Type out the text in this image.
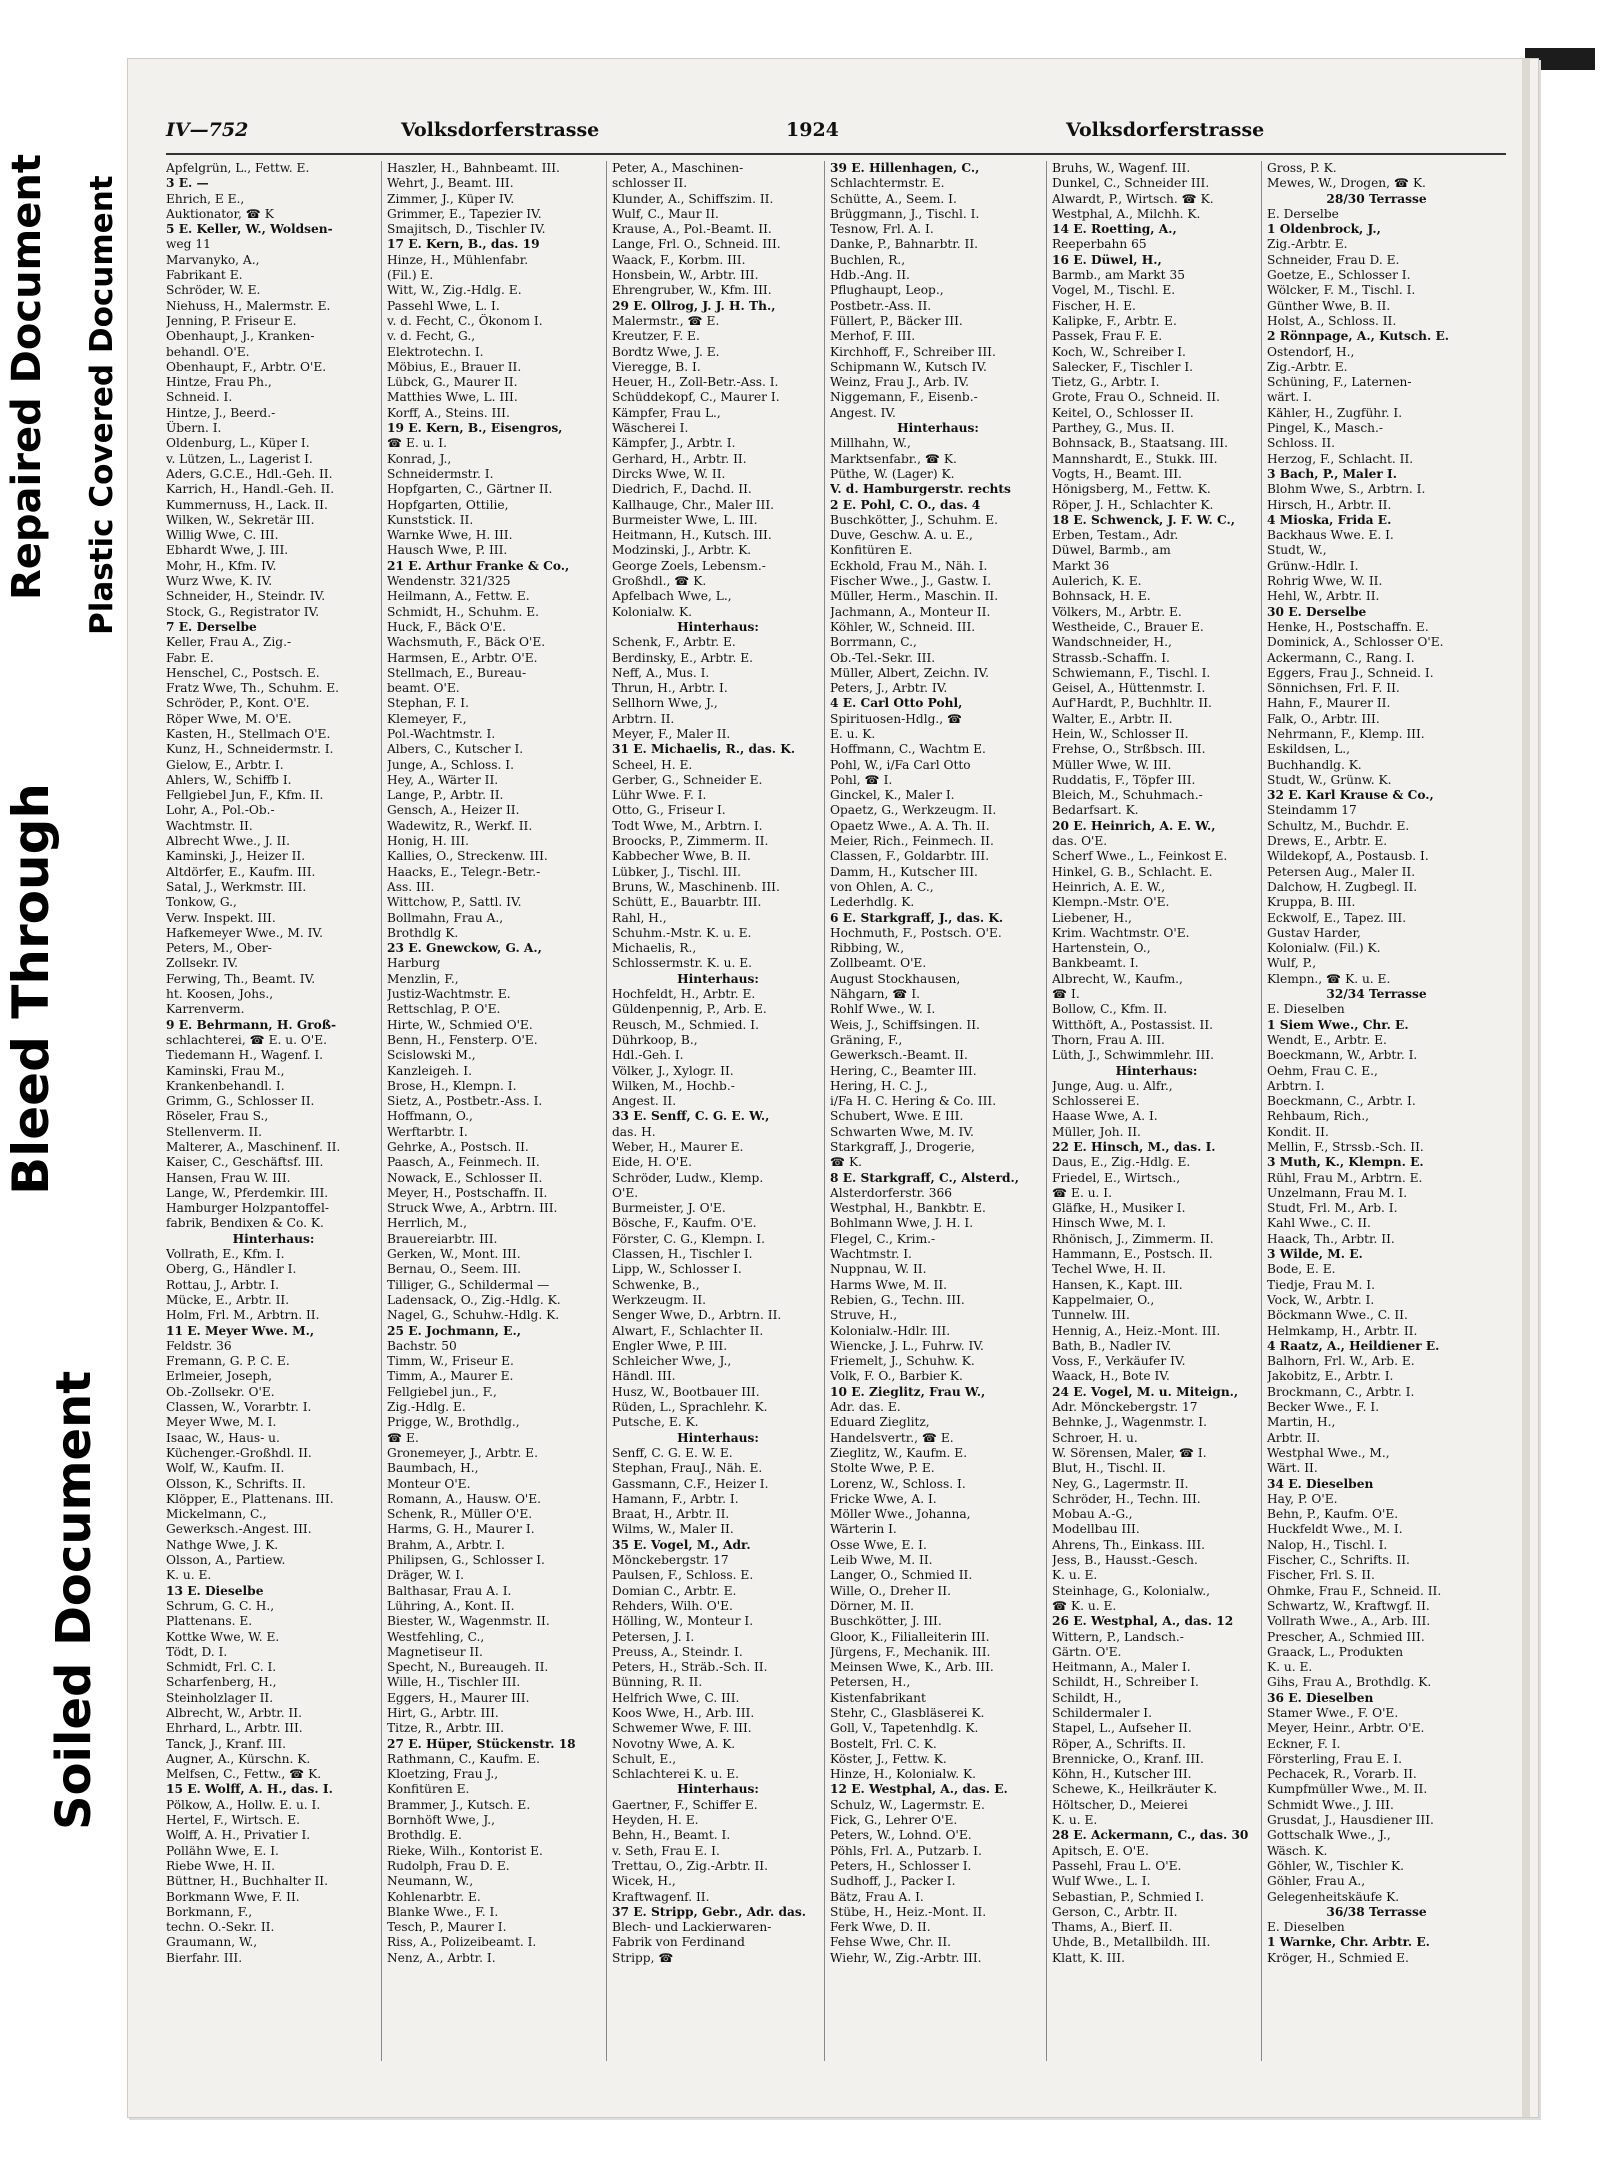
Repaired Document Plastic Covered Document
Bleed Through
Soiled Document
IV—752	Volksdorferstrasse	1924	Volksdorferstrasse
Apfelgrün, L., Fettw. E.
3 E. —
Ehrich, E E.,
Auktionator, ☎ K
5 E. Keller, W., Woldsen-
weg 11
Marvanyko, A.,
Fabrikant E.
Schröder, W. E.
Niehuss, H., Malermstr. E.
Jenning, P. Friseur E.
Obenhaupt, J., Kranken-
behandl. O'E.
Obenhaupt, F., Arbtr. O'E.
Hintze, Frau Ph.,
Schneid. I.
Hintze, J., Beerd.-
Übern. I.
Oldenburg, L., Küper I.
v. Lützen, L., Lagerist I.
Aders, G.C.E., Hdl.-Geh. II.
Karrich, H., Handl.-Geh. II.
Kummernuss, H., Lack. II.
Wilken, W., Sekretär III.
Willig Wwe, C. III.
Ebhardt Wwe, J. III.
Mohr, H., Kfm. IV.
Wurz Wwe, K. IV.
Schneider, H., Steindr. IV.
Stock, G., Registrator IV.
7 E. Derselbe
Keller, Frau A., Zig.-
Fabr. E.
Henschel, C., Postsch. E.
Fratz Wwe, Th., Schuhm. E.
Schröder, P., Kont. O'E.
Röper Wwe, M. O'E.
Kasten, H., Stellmach O'E.
Kunz, H., Schneidermstr. I.
Gielow, E., Arbtr. I.
Ahlers, W., Schiffb I.
Fellgiebel Jun, F., Kfm. II.
Lohr, A., Pol.-Ob.-
Wachtmstr. II.
Albrecht Wwe., J. II.
Kaminski, J., Heizer II.
Altdörfer, E., Kaufm. III.
Satal, J., Werkmstr. III.
Tonkow, G.,
Verw. Inspekt. III.
Hafkemeyer Wwe., M. IV.
Peters, M., Ober-
Zollsekr. IV.
Ferwing, Th., Beamt. IV.
ht. Koosen, Johs.,
Karrenverm.
9 E. Behrmann, H. Groß-
schlachterei, ☎ E. u. O'E.
Tiedemann H., Wagenf. I.
Kaminski, Frau M.,
Krankenbehandl. I.
Grimm, G., Schlosser II.
Röseler, Frau S.,
Stellenverm. II.
Malterer, A., Maschinenf. II.
Kaiser, C., Geschäftsf. III.
Hansen, Frau W. III.
Lange, W., Pferdemkir. III.
Hamburger Holzpantoffel-
fabrik, Bendixen & Co. K.
Hinterhaus:
Vollrath, E., Kfm. I.
Oberg, G., Händler I.
Rottau, J., Arbtr. I.
Mücke, E., Arbtr. II.
Holm, Frl. M., Arbtrn. II.
11 E. Meyer Wwe. M.,
Feldstr. 36
Fremann, G. P. C. E.
Erlmeier, Joseph,
Ob.-Zollsekr. O'E.
Classen, W., Vorarbtr. I.
Meyer Wwe, M. I.
Isaac, W., Haus- u.
Küchenger.-Großhdl. II.
Wolf, W., Kaufm. II.
Olsson, K., Schrifts. II.
Klöpper, E., Plattenans. III.
Mickelmann, C.,
Gewerksch.-Angest. III.
Nathge Wwe, J. K.
Olsson, A., Partiew.
K. u. E.
13 E. Dieselbe
Schrum, G. C. H.,
Plattenans. E.
Kottke Wwe, W. E.
Tödt, D. I.
Schmidt, Frl. C. I.
Scharfenberg, H.,
Steinholzlager II.
Albrecht, W., Arbtr. II.
Ehrhard, L., Arbtr. III.
Tanck, J., Kranf. III.
Augner, A., Kürschn. K.
Melfsen, C., Fettw., ☎ K.
15 E. Wolff, A. H., das. I.
Pölkow, A., Hollw. E. u. I.
Hertel, F., Wirtsch. E.
Wolff, A. H., Privatier I.
Pollähn Wwe, E. I.
Riebe Wwe, H. II.
Büttner, H., Buchhalter II.
Borkmann Wwe, F. II.
Borkmann, F.,
techn. O.-Sekr. II.
Graumann, W.,
Bierfahr. III.
Haszler, H., Bahnbeamt. III.
Wehrt, J., Beamt. III.
Zimmer, J., Küper IV.
Grimmer, E., Tapezier IV.
Smajitsch, D., Tischler IV.
17 E. Kern, B., das. 19
Hinze, H., Mühlenfabr.
(Fil.) E.
Witt, W., Zig.-Hdlg. E.
Passehl Wwe, L. I.
v. d. Fecht, C., Ökonom I.
v. d. Fecht, G.,
Elektrotechn. I.
Möbius, E., Brauer II.
Lübck, G., Maurer II.
Matthies Wwe, L. III.
Korff, A., Steins. III.
19 E. Kern, B., Eisengros,
☎ E. u. I.
Konrad, J.,
Schneidermstr. I.
Hopfgarten, C., Gärtner II.
Hopfgarten, Ottilie,
Kunststick. II.
Warnke Wwe, H. III.
Hausch Wwe, P. III.
21 E. Arthur Franke & Co.,
Wendenstr. 321/325
Heilmann, A., Fettw. E.
Schmidt, H., Schuhm. E.
Huck, F., Bäck O'E.
Wachsmuth, F., Bäck O'E.
Harmsen, E., Arbtr. O'E.
Stellmach, E., Bureau-
beamt. O'E.
Stephan, F. I.
Klemeyer, F.,
Pol.-Wachtmstr. I.
Albers, C., Kutscher I.
Junge, A., Schloss. I.
Hey, A., Wärter II.
Lange, P., Arbtr. II.
Gensch, A., Heizer II.
Wadewitz, R., Werkf. II.
Honig, H. III.
Kallies, O., Streckenw. III.
Haacks, E., Telegr.-Betr.-
Ass. III.
Wittchow, P., Sattl. IV.
Bollmahn, Frau A.,
Brothdlg K.
23 E. Gnewckow, G. A.,
Harburg
Menzlin, F.,
Justiz-Wachtmstr. E.
Rettschlag, P. O'E.
Hirte, W., Schmied O'E.
Benn, H., Fensterp. O'E.
Scislowski M.,
Kanzleigeh. I.
Brose, H., Klempn. I.
Sietz, A., Postbetr.-Ass. I.
Hoffmann, O.,
Werftarbtr. I.
Gehrke, A., Postsch. II.
Paasch, A., Feinmech. II.
Nowack, E., Schlosser II.
Meyer, H., Postschaffn. II.
Struck Wwe, A., Arbtrn. III.
Herrlich, M.,
Brauereiarbtr. III.
Gerken, W., Mont. III.
Bernau, O., Seem. III.
Tilliger, G., Schildermal —
Ladensack, O., Zig.-Hdlg. K.
Nagel, G., Schuhw.-Hdlg. K.
25 E. Jochmann, E.,
Bachstr. 50
Timm, W., Friseur E.
Timm, A., Maurer E.
Fellgiebel jun., F.,
Zig.-Hdlg. E.
Prigge, W., Brothdlg.,
☎ E.
Gronemeyer, J., Arbtr. E.
Baumbach, H.,
Monteur O'E.
Romann, A., Hausw. O'E.
Schenk, R., Müller O'E.
Harms, G. H., Maurer I.
Brahm, A., Arbtr. I.
Philipsen, G., Schlosser I.
Dräger, W. I.
Balthasar, Frau A. I.
Lühring, A., Kont. II.
Biester, W., Wagenmstr. II.
Westfehling, C.,
Magnetiseur II.
Specht, N., Bureaugeh. II.
Wille, H., Tischler III.
Eggers, H., Maurer III.
Hirt, G., Arbtr. III.
Titze, R., Arbtr. III.
27 E. Hüper, Stückenstr. 18
Rathmann, C., Kaufm. E.
Kloetzing, Frau J.,
Konfitüren E.
Brammer, J., Kutsch. E.
Bornhöft Wwe, J.,
Brothdlg. E.
Rieke, Wilh., Kontorist E.
Rudolph, Frau D. E.
Neumann, W.,
Kohlenarbtr. E.
Blanke Wwe., F. I.
Tesch, P., Maurer I.
Riss, A., Polizeibeamt. I.
Nenz, A., Arbtr. I.
Peter, A., Maschinen-
schlosser II.
Klunder, A., Schiffszim. II.
Wulf, C., Maur II.
Krause, A., Pol.-Beamt. II.
Lange, Frl. O., Schneid. III.
Waack, F., Korbm. III.
Honsbein, W., Arbtr. III.
Ehrengruber, W., Kfm. III.
29 E. Ollrog, J. J. H. Th.,
Malermstr., ☎ E.
Kreutzer, F. E.
Bordtz Wwe, J. E.
Vieregge, B. I.
Heuer, H., Zoll-Betr.-Ass. I.
Schüddekopf, C., Maurer I.
Kämpfer, Frau L.,
Wäscherei I.
Kämpfer, J., Arbtr. I.
Gerhard, H., Arbtr. II.
Dircks Wwe, W. II.
Diedrich, F., Dachd. II.
Kallhauge, Chr., Maler III.
Burmeister Wwe, L. III.
Heitmann, H., Kutsch. III.
Modzinski, J., Arbtr. K.
George Zoels, Lebensm.-
Großhdl., ☎ K.
Apfelbach Wwe, L.,
Kolonialw. K.
Hinterhaus:
Schenk, F., Arbtr. E.
Berdinsky, E., Arbtr. E.
Neff, A., Mus. I.
Thrun, H., Arbtr. I.
Sellhorn Wwe, J.,
Arbtrn. II.
Meyer, F., Maler II.
31 E. Michaelis, R., das. K.
Scheel, H. E.
Gerber, G., Schneider E.
Lühr Wwe. F. I.
Otto, G., Friseur I.
Todt Wwe, M., Arbtrn. I.
Broocks, P., Zimmerm. II.
Kabbecher Wwe, B. II.
Lübker, J., Tischl. III.
Bruns, W., Maschinenb. III.
Schütt, E., Bauarbtr. III.
Rahl, H.,
Schuhm.-Mstr. K. u. E.
Michaelis, R.,
Schlossermstr. K. u. E.
Hinterhaus:
Hochfeldt, H., Arbtr. E.
Güldenpennig, P., Arb. E.
Reusch, M., Schmied. I.
Dührkoop, B.,
Hdl.-Geh. I.
Völker, J., Xylogr. II.
Wilken, M., Hochb.-
Angest. II.
33 E. Senff, C. G. E. W.,
das. H.
Weber, H., Maurer E.
Eide, H. O'E.
Schröder, Ludw., Klemp.
O'E.
Burmeister, J. O'E.
Bösche, F., Kaufm. O'E.
Förster, C. G., Klempn. I.
Classen, H., Tischler I.
Lipp, W., Schlosser I.
Schwenke, B.,
Werkzeugm. II.
Senger Wwe, D., Arbtrn. II.
Alwart, F., Schlachter II.
Engler Wwe, P. III.
Schleicher Wwe, J.,
Händl. III.
Husz, W., Bootbauer III.
Rüden, L., Sprachlehr. K.
Putsche, E. K.
Hinterhaus:
Senff, C. G. E. W. E.
Stephan, FrauJ., Näh. E.
Gassmann, C.F., Heizer I.
Hamann, F., Arbtr. I.
Braat, H., Arbtr. II.
Wilms, W., Maler II.
35 E. Vogel, M., Adr.
Mönckebergstr. 17
Paulsen, F., Schloss. E.
Domian C., Arbtr. E.
Rehders, Wilh. O'E.
Hölling, W., Monteur I.
Petersen, J. I.
Preuss, A., Steindr. I.
Peters, H., Sträb.-Sch. II.
Bünning, R. II.
Helfrich Wwe, C. III.
Koos Wwe, H., Arb. III.
Schwemer Wwe, F. III.
Novotny Wwe, A. K.
Schult, E.,
Schlachterei K. u. E.
Hinterhaus:
Gaertner, F., Schiffer E.
Heyden, H. E.
Behn, H., Beamt. I.
v. Seth, Frau E. I.
Trettau, O., Zig.-Arbtr. II.
Wicek, H.,
Kraftwagenf. II.
37 E. Stripp, Gebr., Adr. das.
Blech- und Lackierwaren-
Fabrik von Ferdinand
Stripp, ☎
39 E. Hillenhagen, C.,
Schlachtermstr. E.
Schütte, A., Seem. I.
Brüggmann, J., Tischl. I.
Tesnow, Frl. A. I.
Danke, P., Bahnarbtr. II.
Buchlen, R.,
Hdb.-Ang. II.
Pflughaupt, Leop.,
Postbetr.-Ass. II.
Füllert, P., Bäcker III.
Merhof, F. III.
Kirchhoff, F., Schreiber III.
Schipmann W., Kutsch IV.
Weinz, Frau J., Arb. IV.
Niggemann, F., Eisenb.-
Angest. IV.
Hinterhaus:
Millhahn, W.,
Marktsenfabr., ☎ K.
Püthe, W. (Lager) K.
V. d. Hamburgerstr. rechts
2 E. Pohl, C. O., das. 4
Buschkötter, J., Schuhm. E.
Duve, Geschw. A. u. E.,
Konfitüren E.
Eckhold, Frau M., Näh. I.
Fischer Wwe., J., Gastw. I.
Müller, Herm., Maschin. II.
Jachmann, A., Monteur II.
Köhler, W., Schneid. III.
Borrmann, C.,
Ob.-Tel.-Sekr. III.
Müller, Albert, Zeichn. IV.
Peters, J., Arbtr. IV.
4 E. Carl Otto Pohl,
Spirituosen-Hdlg., ☎
E. u. K.
Hoffmann, C., Wachtm E.
Pohl, W., i/Fa Carl Otto
Pohl, ☎ I.
Ginckel, K., Maler I.
Opaetz, G., Werkzeugm. II.
Opaetz Wwe., A. A. Th. II.
Meier, Rich., Feinmech. II.
Classen, F., Goldarbtr. III.
Damm, H., Kutscher III.
von Ohlen, A. C.,
Lederhdlg. K.
6 E. Starkgraff, J., das. K.
Hochmuth, F., Postsch. O'E.
Ribbing, W.,
Zollbeamt. O'E.
August Stockhausen,
Nähgarn, ☎ I.
Rohlf Wwe., W. I.
Weis, J., Schiffsingen. II.
Gräning, F.,
Gewerksch.-Beamt. II.
Hering, C., Beamter III.
Hering, H. C. J.,
i/Fa H. C. Hering & Co. III.
Schubert, Wwe. E III.
Schwarten Wwe, M. IV.
Starkgraff, J., Drogerie,
☎ K.
8 E. Starkgraff, C., Alsterd.,
Alsterdorferstr. 366
Westphal, H., Bankbtr. E.
Bohlmann Wwe, J. H. I.
Flegel, C., Krim.-
Wachtmstr. I.
Nuppnau, W. II.
Harms Wwe, M. II.
Rebien, G., Techn. III.
Struve, H.,
Kolonialw.-Hdlr. III.
Wiencke, J. L., Fuhrw. IV.
Friemelt, J., Schuhw. K.
Volk, F. O., Barbier K.
10 E. Zieglitz, Frau W.,
Adr. das. E.
Eduard Zieglitz,
Handelsvertr., ☎ E.
Zieglitz, W., Kaufm. E.
Stolte Wwe, P. E.
Lorenz, W., Schloss. I.
Fricke Wwe, A. I.
Möller Wwe., Johanna,
Wärterin I.
Osse Wwe, E. I.
Leib Wwe, M. II.
Langer, O., Schmied II.
Wille, O., Dreher II.
Dörner, M. II.
Buschkötter, J. III.
Gloor, K., Filialleiterin III.
Jürgens, F., Mechanik. III.
Meinsen Wwe, K., Arb. III.
Petersen, H.,
Kistenfabrikant
Stehr, C., Glasbläserei K.
Goll, V., Tapetenhdlg. K.
Bostelt, Frl. C. K.
Köster, J., Fettw. K.
Hinze, H., Kolonialw. K.
12 E. Westphal, A., das. E.
Schulz, W., Lagermstr. E.
Fick, G., Lehrer O'E.
Peters, W., Lohnd. O'E.
Pöhls, Frl. A., Putzarb. I.
Peters, H., Schlosser I.
Sudhoff, J., Packer I.
Bätz, Frau A. I.
Stübe, H., Heiz.-Mont. II.
Ferk Wwe, D. II.
Fehse Wwe, Chr. II.
Wiehr, W., Zig.-Arbtr. III.
Bruhs, W., Wagenf. III.
Dunkel, C., Schneider III.
Alwardt, P., Wirtsch. ☎ K.
Westphal, A., Milchh. K.
14 E. Roetting, A.,
Reeperbahn 65
16 E. Düwel, H.,
Barmb., am Markt 35
Vogel, M., Tischl. E.
Fischer, H. E.
Kalipke, F., Arbtr. E.
Passek, Frau F. E.
Koch, W., Schreiber I.
Salecker, F., Tischler I.
Tietz, G., Arbtr. I.
Grote, Frau O., Schneid. II.
Keitel, O., Schlosser II.
Parthey, G., Mus. II.
Bohnsack, B., Staatsang. III.
Mannshardt, E., Stukk. III.
Vogts, H., Beamt. III.
Hönigsberg, M., Fettw. K.
Röper, J. H., Schlachter K.
18 E. Schwenck, J. F. W. C.,
Erben, Testam., Adr.
Düwel, Barmb., am
Markt 36
Aulerich, K. E.
Bohnsack, H. E.
Völkers, M., Arbtr. E.
Westheide, C., Brauer E.
Wandschneider, H.,
Strassb.-Schaffn. I.
Schwiemann, F., Tischl. I.
Geisel, A., Hüttenmstr. I.
Auf'Hardt, P., Buchhltr. II.
Walter, E., Arbtr. II.
Hein, W., Schlosser II.
Frehse, O., Strßbsch. III.
Müller Wwe, W. III.
Ruddatis, F., Töpfer III.
Bleich, M., Schuhmach.-
Bedarfsart. K.
20 E. Heinrich, A. E. W.,
das. O'E.
Scherf Wwe., L., Feinkost E.
Hinkel, G. B., Schlacht. E.
Heinrich, A. E. W.,
Klempn.-Mstr. O'E.
Liebener, H.,
Krim. Wachtmstr. O'E.
Hartenstein, O.,
Bankbeamt. I.
Albrecht, W., Kaufm.,
☎ I.
Bollow, C., Kfm. II.
Witthöft, A., Postassist. II.
Thorn, Frau A. III.
Lüth, J., Schwimmlehr. III.
Hinterhaus:
Junge, Aug. u. Alfr.,
Schlosserei E.
Haase Wwe, A. I.
Müller, Joh. II.
22 E. Hinsch, M., das. I.
Daus, E., Zig.-Hdlg. E.
Friedel, E., Wirtsch.,
☎ E. u. I.
Gläfke, H., Musiker I.
Hinsch Wwe, M. I.
Rhönisch, J., Zimmerm. II.
Hammann, E., Postsch. II.
Techel Wwe, H. II.
Hansen, K., Kapt. III.
Kappelmaier, O.,
Tunnelw. III.
Hennig, A., Heiz.-Mont. III.
Bath, B., Nadler IV.
Voss, F., Verkäufer IV.
Waack, H., Bote IV.
24 E. Vogel, M. u. Miteign.,
Adr. Mönckebergstr. 17
Behnke, J., Wagenmstr. I.
Schroer, H. u.
W. Sörensen, Maler, ☎ I.
Blut, H., Tischl. II.
Ney, G., Lagermstr. II.
Schröder, H., Techn. III.
Mobau A.-G.,
Modellbau III.
Ahrens, Th., Einkass. III.
Jess, B., Hausst.-Gesch.
K. u. E.
Steinhage, G., Kolonialw.,
☎ K. u. E.
26 E. Westphal, A., das. 12
Wittern, P., Landsch.-
Gärtn. O'E.
Heitmann, A., Maler I.
Schildt, H., Schreiber I.
Schildt, H.,
Schildermaler I.
Stapel, L., Aufseher II.
Röper, A., Schrifts. II.
Brennicke, O., Kranf. III.
Köhn, H., Kutscher III.
Schewe, K., Heilkräuter K.
Höltscher, D., Meierei
K. u. E.
28 E. Ackermann, C., das. 30
Apitsch, E. O'E.
Passehl, Frau L. O'E.
Wulf Wwe., L. I.
Sebastian, P., Schmied I.
Gerson, C., Arbtr. II.
Thams, A., Bierf. II.
Uhde, B., Metallbildh. III.
Klatt, K. III.
Gross, P. K.
Mewes, W., Drogen, ☎ K.
28/30 Terrasse
E. Derselbe
1 Oldenbrock, J.,
Zig.-Arbtr. E.
Schneider, Frau D. E.
Goetze, E., Schlosser I.
Wölcker, F. M., Tischl. I.
Günther Wwe, B. II.
Holst, A., Schloss. II.
2 Rönnpage, A., Kutsch. E.
Ostendorf, H.,
Zig.-Arbtr. E.
Schüning, F., Laternen-
wärt. I.
Kähler, H., Zugführ. I.
Pingel, K., Masch.-
Schloss. II.
Herzog, F., Schlacht. II.
3 Bach, P., Maler I.
Blohm Wwe, S., Arbtrn. I.
Hirsch, H., Arbtr. II.
4 Mioska, Frida E.
Backhaus Wwe. E. I.
Studt, W.,
Grünw.-Hdlr. I.
Rohrig Wwe, W. II.
Hehl, W., Arbtr. II.
30 E. Derselbe
Henke, H., Postschaffn. E.
Dominick, A., Schlosser O'E.
Ackermann, C., Rang. I.
Eggers, Frau J., Schneid. I.
Sönnichsen, Frl. F. II.
Hahn, F., Maurer II.
Falk, O., Arbtr. III.
Nehrmann, F., Klemp. III.
Eskildsen, L.,
Buchhandlg. K.
Studt, W., Grünw. K.
32 E. Karl Krause & Co.,
Steindamm 17
Schultz, M., Buchdr. E.
Drews, E., Arbtr. E.
Wildekopf, A., Postausb. I.
Petersen Aug., Maler II.
Dalchow, H. Zugbegl. II.
Kruppa, B. III.
Eckwolf, E., Tapez. III.
Gustav Harder,
Kolonialw. (Fil.) K.
Wulf, P.,
Klempn., ☎ K. u. E.
32/34 Terrasse
E. Dieselben
1 Siem Wwe., Chr. E.
Wendt, E., Arbtr. E.
Boeckmann, W., Arbtr. I.
Oehm, Frau C. E.,
Arbtrn. I.
Boeckmann, C., Arbtr. I.
Rehbaum, Rich.,
Kondit. II.
Mellin, F., Strssb.-Sch. II.
3 Muth, K., Klempn. E.
Rühl, Frau M., Arbtrn. E.
Unzelmann, Frau M. I.
Studt, Frl. M., Arb. I.
Kahl Wwe., C. II.
Haack, Th., Arbtr. II.
3 Wilde, M. E.
Bode, E. E.
Tiedje, Frau M. I.
Vock, W., Arbtr. I.
Böckmann Wwe., C. II.
Helmkamp, H., Arbtr. II.
4 Raatz, A., Heildiener E.
Balhorn, Frl. W., Arb. E.
Jakobitz, E., Arbtr. I.
Brockmann, C., Arbtr. I.
Becker Wwe., F. I.
Martin, H.,
Arbtr. II.
Westphal Wwe., M.,
Wärt. II.
34 E. Dieselben
Hay, P. O'E.
Behn, P., Kaufm. O'E.
Huckfeldt Wwe., M. I.
Nalop, H., Tischl. I.
Fischer, C., Schrifts. II.
Fischer, Frl. S. II.
Ohmke, Frau F., Schneid. II.
Schwartz, W., Kraftwgf. II.
Vollrath Wwe., A., Arb. III.
Prescher, A., Schmied III.
Graack, L., Produkten
K. u. E.
Gihs, Frau A., Brothdlg. K.
36 E. Dieselben
Stamer Wwe., F. O'E.
Meyer, Heinr., Arbtr. O'E.
Eckner, F. I.
Försterling, Frau E. I.
Pechacek, R., Vorarb. II.
Kumpfmüller Wwe., M. II.
Schmidt Wwe., J. III.
Grusdat, J., Hausdiener III.
Gottschalk Wwe., J.,
Wäsch. K.
Göhler, W., Tischler K.
Göhler, Frau A.,
Gelegenheitskäufe K.
36/38 Terrasse
E. Dieselben
1 Warnke, Chr. Arbtr. E.
Kröger, H., Schmied E.
